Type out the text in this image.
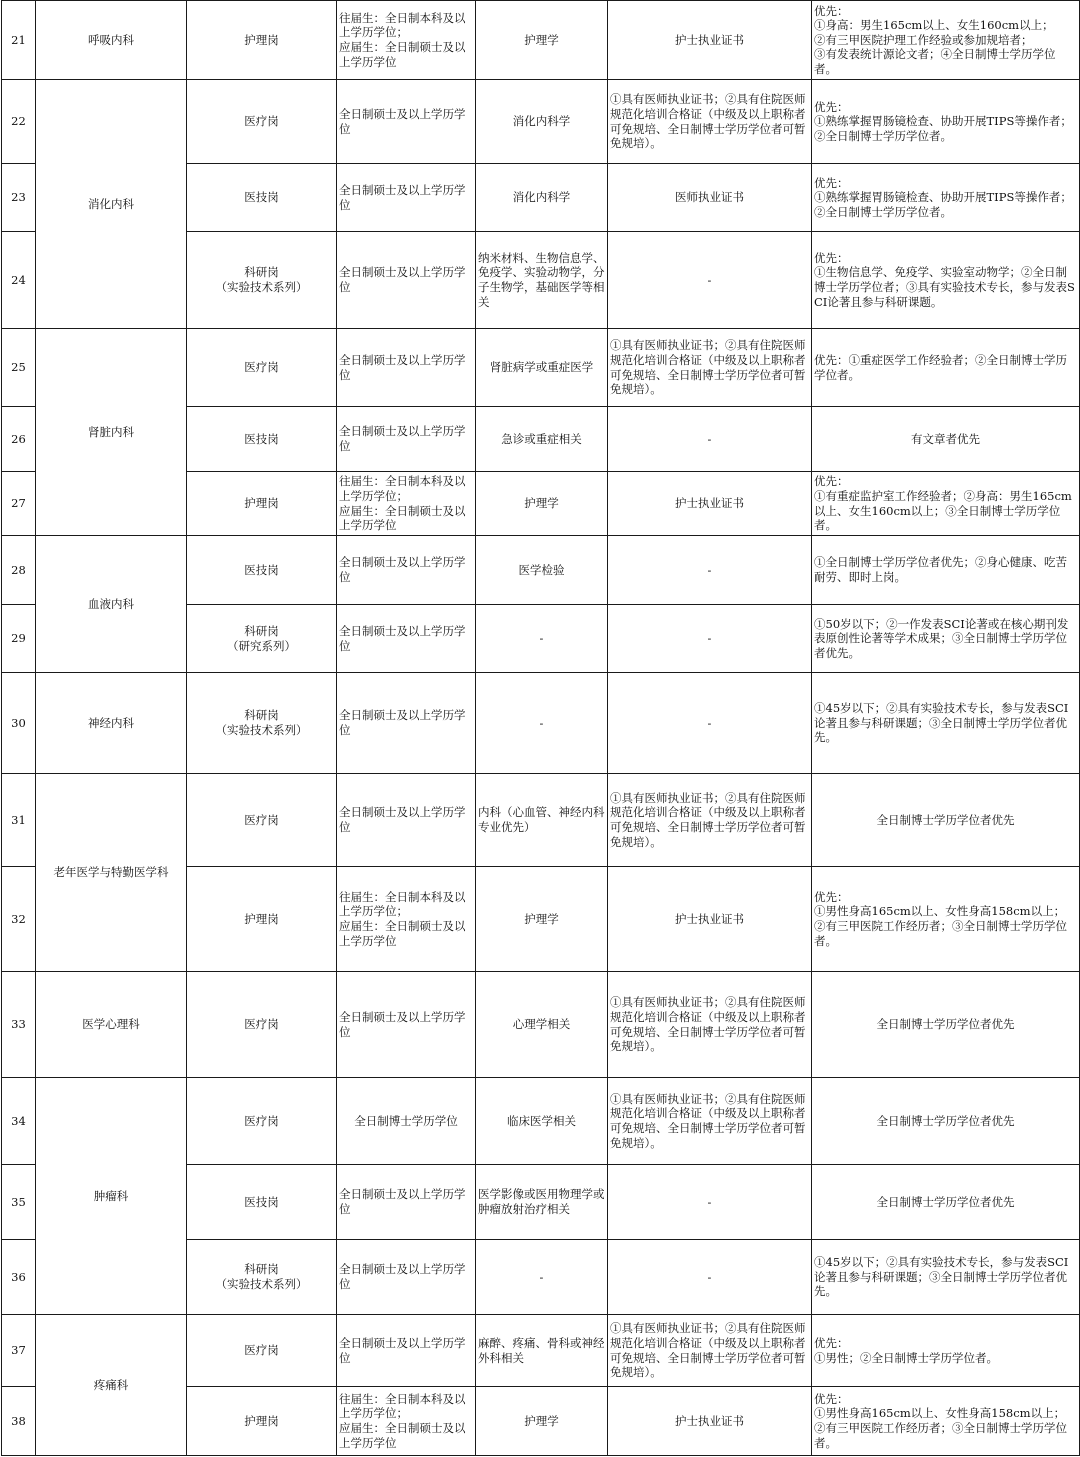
21	呼吸内科	护理岗	往届生：全日制本科及以上学历学位；
应届生：全日制硕士及以上学历学位	护理学	护士执业证书	优先：
①身高：男生165cm以上、女生160cm以上；
②有三甲医院护理工作经验或参加规培者；
③有发表统计源论文者；④全日制博士学历学位者。

22	消化内科	医疗岗	全日制硕士及以上学历学位	消化内科学	①具有医师执业证书；②具有住院医师规范化培训合格证（中级及以上职称者可免规培、全日制博士学历学位者可暂免规培）。	优先：
①熟练掌握胃肠镜检查、协助开展TIPS等操作者；②全日制博士学历学位者。

23		医技岗	全日制硕士及以上学历学位	消化内科学	医师执业证书	优先：
①熟练掌握胃肠镜检查、协助开展TIPS等操作者；②全日制博士学历学位者。

24		科研岗
（实验技术系列）	全日制硕士及以上学历学位	纳米材料、生物信息学、免疫学、实验动物学，分子生物学，基础医学等相关	-	优先：
①生物信息学、免疫学、实验室动物学；②全日制博士学历学位者；③具有实验技术专长，参与发表SCI论著且参与科研课题。

25	肾脏内科	医疗岗	全日制硕士及以上学历学位	肾脏病学或重症医学	①具有医师执业证书；②具有住院医师规范化培训合格证（中级及以上职称者可免规培、全日制博士学历学位者可暂免规培）。	优先：①重症医学工作经验者；②全日制博士学历学位者。

26		医技岗	全日制硕士及以上学历学位	急诊或重症相关	-	有文章者优先

27		护理岗	往届生：全日制本科及以上学历学位；
应届生：全日制硕士及以上学历学位	护理学	护士执业证书	优先：
①有重症监护室工作经验者；②身高：男生165cm以上、女生160cm以上；③全日制博士学历学位者。

28	血液内科	医技岗	全日制硕士及以上学历学位	医学检验	-	①全日制博士学历学位者优先；②身心健康、吃苦耐劳、即时上岗。

29		科研岗
（研究系列）	全日制硕士及以上学历学位	-	-	①50岁以下；②一作发表SCI论著或在核心期刊发表原创性论著等学术成果；③全日制博士学历学位者优先。

30	神经内科	科研岗
（实验技术系列）	全日制硕士及以上学历学位	-	-	①45岁以下；②具有实验技术专长，参与发表SCI论著且参与科研课题；③全日制博士学历学位者优先。

31	老年医学与特勤医学科	医疗岗	全日制硕士及以上学历学位	内科（心血管、神经内科专业优先）	①具有医师执业证书；②具有住院医师规范化培训合格证（中级及以上职称者可免规培、全日制博士学历学位者可暂免规培）。	全日制博士学历学位者优先

32		护理岗	往届生：全日制本科及以上学历学位；
应届生：全日制硕士及以上学历学位	护理学	护士执业证书	优先：
①男性身高165cm以上、女性身高158cm以上；
②有三甲医院工作经历者；③全日制博士学历学位者。

33	医学心理科	医疗岗	全日制硕士及以上学历学位	心理学相关	①具有医师执业证书；②具有住院医师规范化培训合格证（中级及以上职称者可免规培、全日制博士学历学位者可暂免规培）。	全日制博士学历学位者优先

34	肿瘤科	医疗岗	全日制博士学历学位	临床医学相关	①具有医师执业证书；②具有住院医师规范化培训合格证（中级及以上职称者可免规培、全日制博士学历学位者可暂免规培）。	全日制博士学历学位者优先

35		医技岗	全日制硕士及以上学历学位	医学影像或医用物理学或肿瘤放射治疗相关	-	全日制博士学历学位者优先

36		科研岗
（实验技术系列）	全日制硕士及以上学历学位	-	-	①45岁以下；②具有实验技术专长，参与发表SCI论著且参与科研课题；③全日制博士学历学位者优先。

37	疼痛科	医疗岗	全日制硕士及以上学历学位	麻醉、疼痛、骨科或神经外科相关	①具有医师执业证书；②具有住院医师规范化培训合格证（中级及以上职称者可免规培、全日制博士学历学位者可暂免规培）。	优先：
①男性；②全日制博士学历学位者。

38		护理岗	往届生：全日制本科及以上学历学位；
应届生：全日制硕士及以上学历学位	护理学	护士执业证书	优先：
①男性身高165cm以上、女性身高158cm以上；
②有三甲医院工作经历者；③全日制博士学历学位者。
